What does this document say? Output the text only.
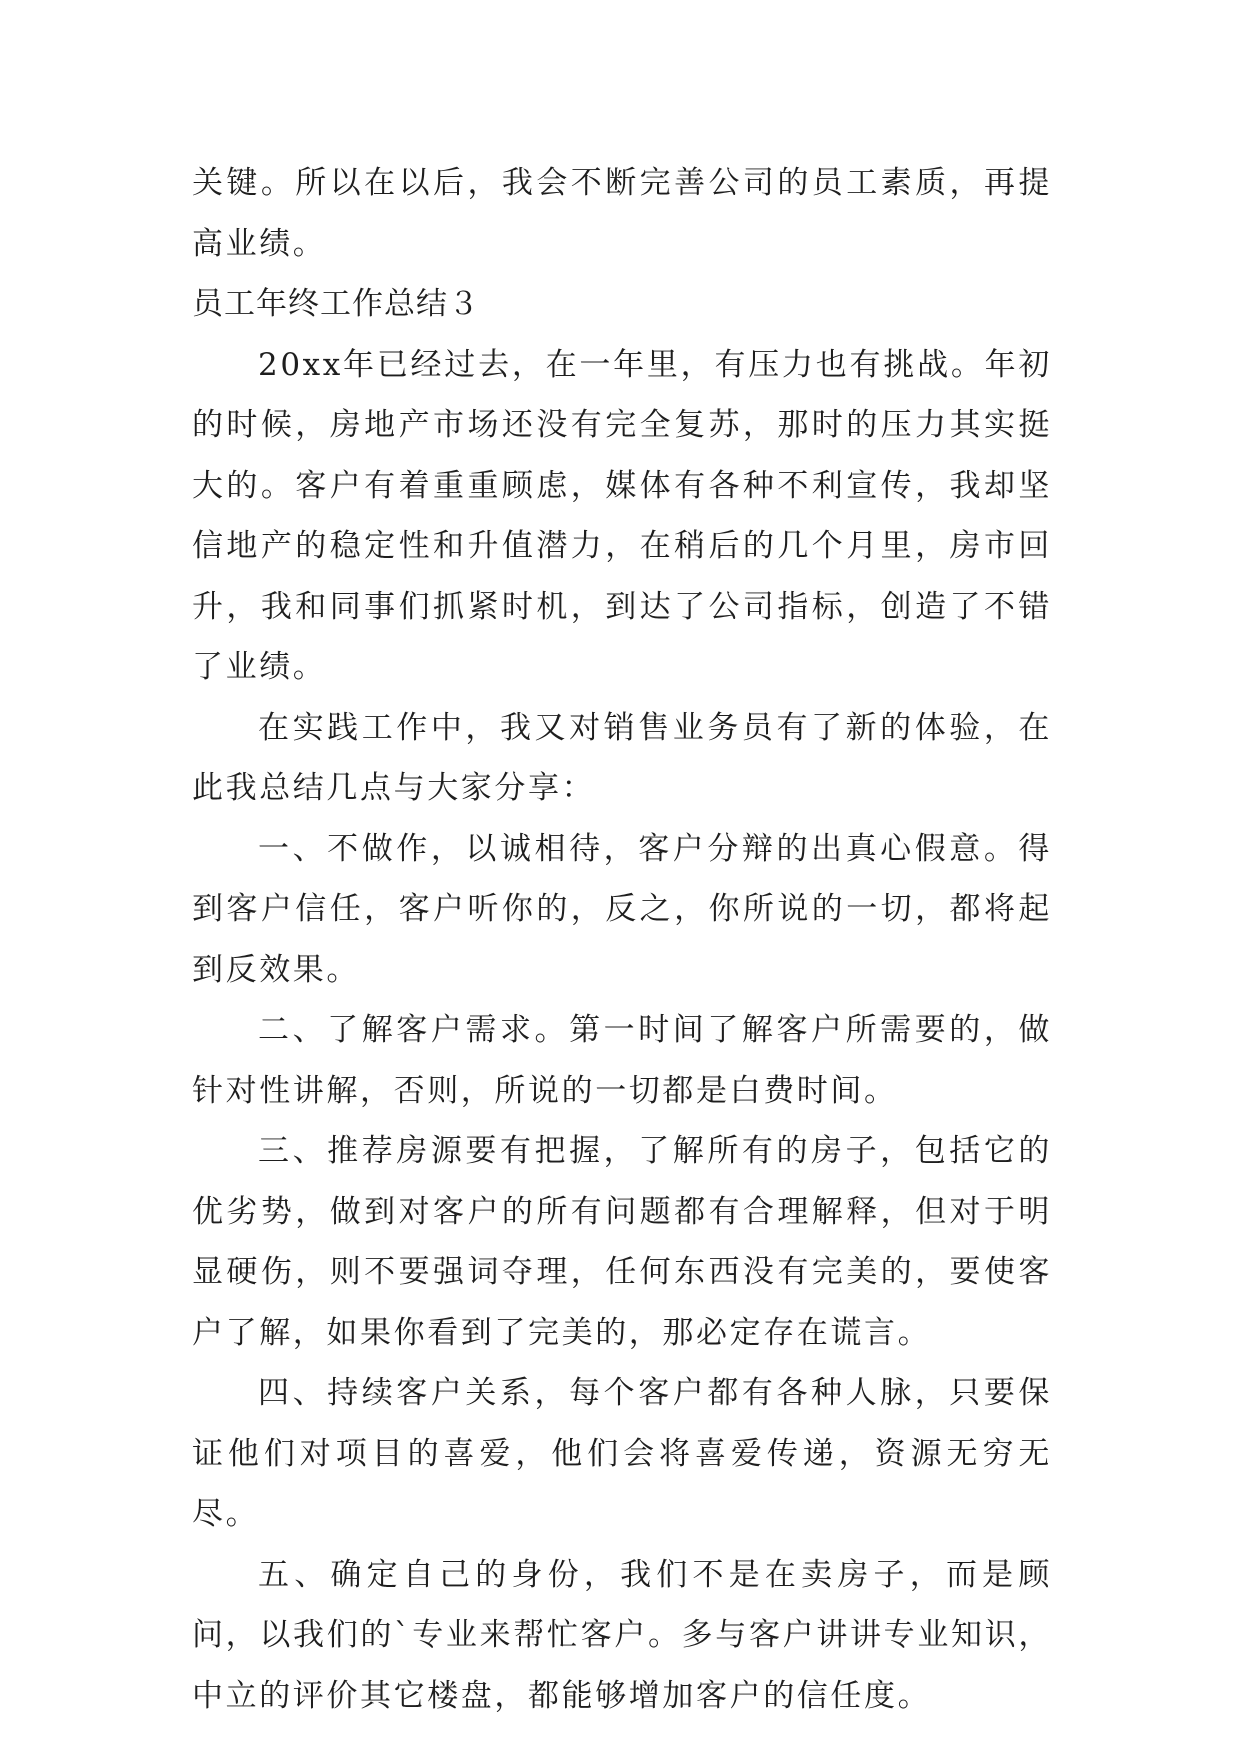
关键。所以在以后，我会不断完善公司的员工素质，再提高业绩。

员工年终工作总结３

20xx年已经过去，在一年里，有压力也有挑战。年初的时候，房地产市场还没有完全复苏，那时的压力其实挺大的。客户有着重重顾虑，媒体有各种不利宣传，我却坚信地产的稳定性和升值潜力，在稍后的几个月里，房市回升，我和同事们抓紧时机，到达了公司指标，创造了不错了业绩。

在实践工作中，我又对销售业务员有了新的体验，在此我总结几点与大家分享：

一、不做作，以诚相待，客户分辩的出真心假意。得到客户信任，客户听你的，反之，你所说的一切，都将起到反效果。

二、了解客户需求。第一时间了解客户所需要的，做针对性讲解，否则，所说的一切都是白费时间。

三、推荐房源要有把握，了解所有的房子，包括它的优劣势，做到对客户的所有问题都有合理解释，但对于明显硬伤，则不要强词夺理，任何东西没有完美的，要使客户了解，如果你看到了完美的，那必定存在谎言。

四、持续客户关系，每个客户都有各种人脉，只要保证他们对项目的喜爱，他们会将喜爱传递，资源无穷无尽。

五、确定自己的身份，我们不是在卖房子，而是顾问，以我们的`专业来帮忙客户。多与客户讲讲专业知识，中立的评价其它楼盘，都能够增加客户的信任度。
